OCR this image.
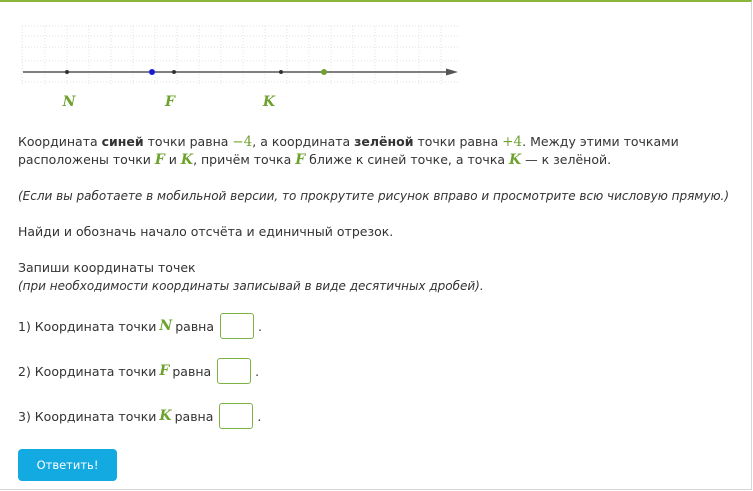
N	F	K

Координата синей точки равна −4, а координата зелёной точки равна +4. Между этими точками расположены точки F и K, причём точка F ближе к синей точке, а точка K — к зелёной.

(Если вы работаете в мобильной версии, то прокрутите рисунок вправо и просмотрите всю числовую прямую.)

Найди и обозначь начало отсчёта и единичный отрезок.

Запиши координаты точек

(при необходимости координаты записывай в виде десятичных дробей).

1) Координата точки N равна	.
2) Координата точки F равна	.
3) Координата точки K равна	.
Ответить!
